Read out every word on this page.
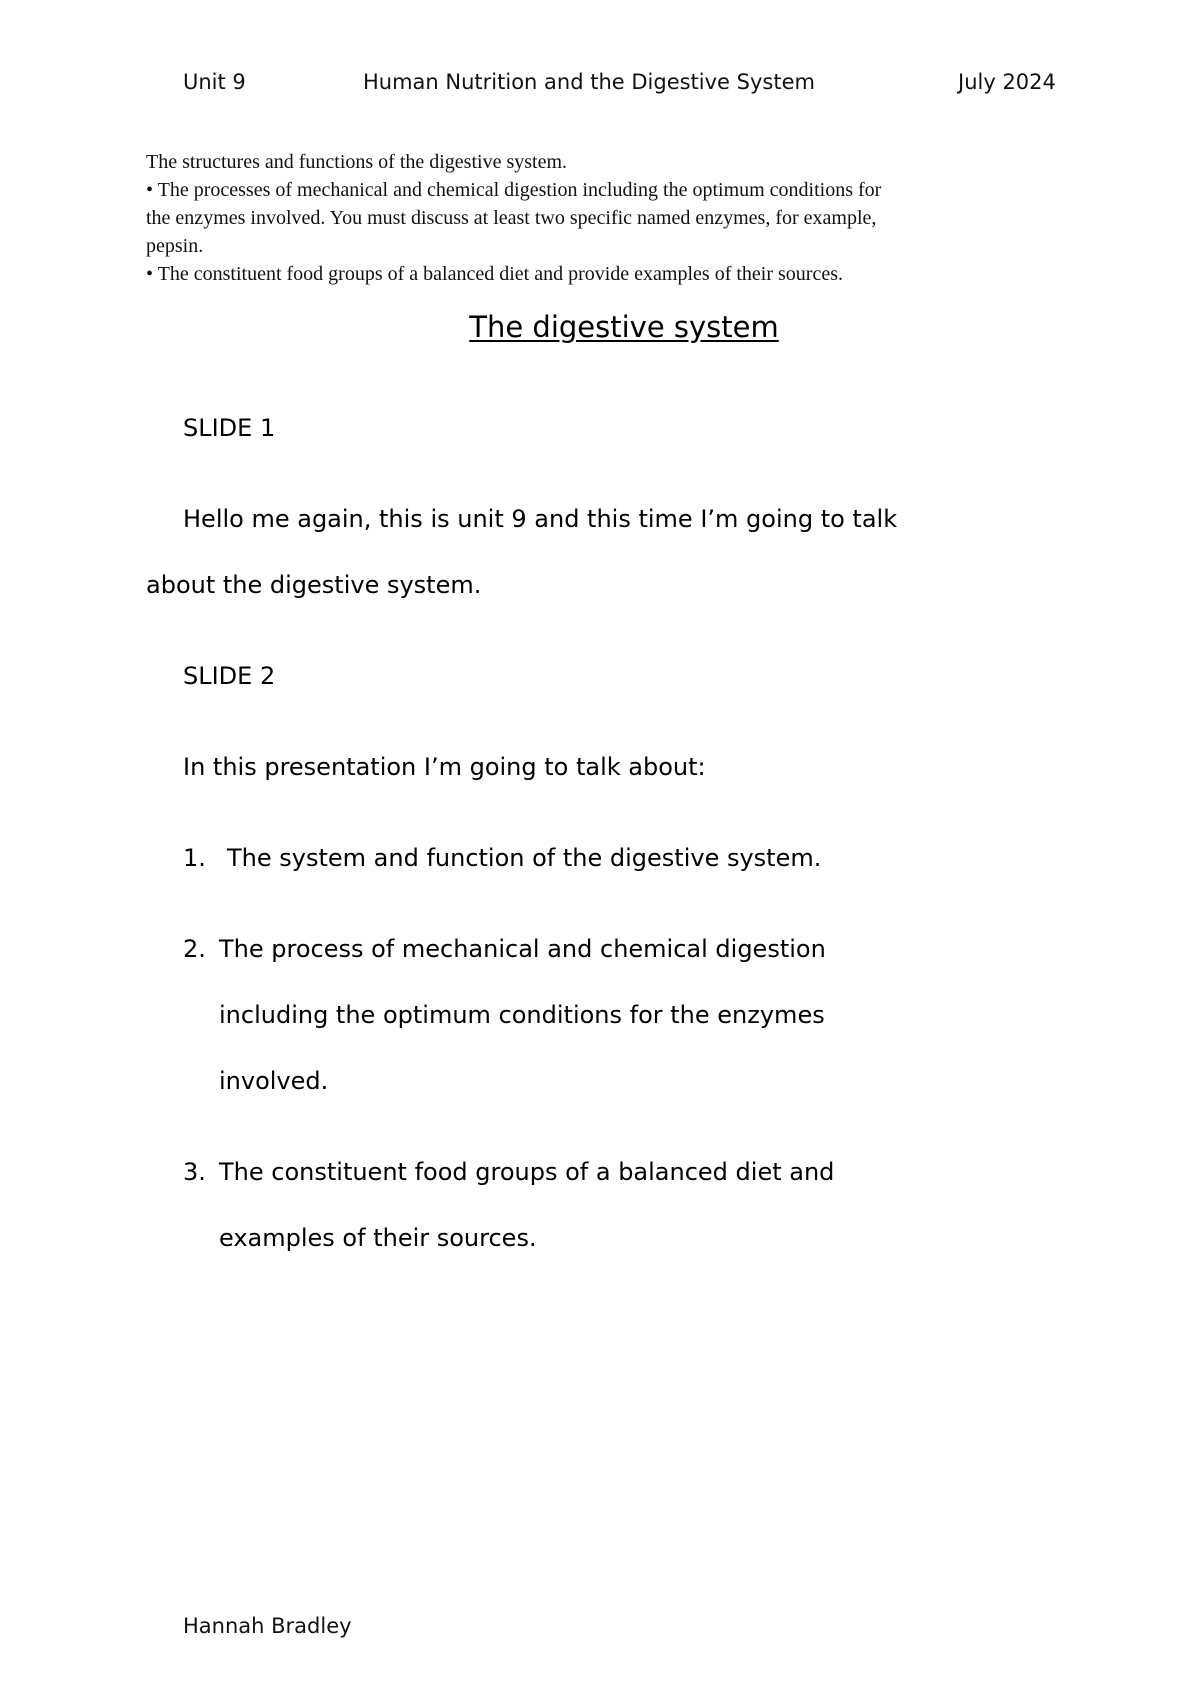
Unit 9	Human Nutrition and the Digestive System	July 2024

The structures and functions of the digestive system.

• The processes of mechanical and chemical digestion including the optimum conditions for

the enzymes involved. You must discuss at least two specific named enzymes, for example,

pepsin.

• The constituent food groups of a balanced diet and provide examples of their sources.

The digestive system
SLIDE 1
Hello me again, this is unit 9 and this time I’m going to talk
about the digestive system.
SLIDE 2
In this presentation I’m going to talk about:
1. The system and function of the digestive system.
2. The process of mechanical and chemical digestion
including the optimum conditions for the enzymes
involved.
3. The constituent food groups of a balanced diet and
examples of their sources.
Hannah Bradley
